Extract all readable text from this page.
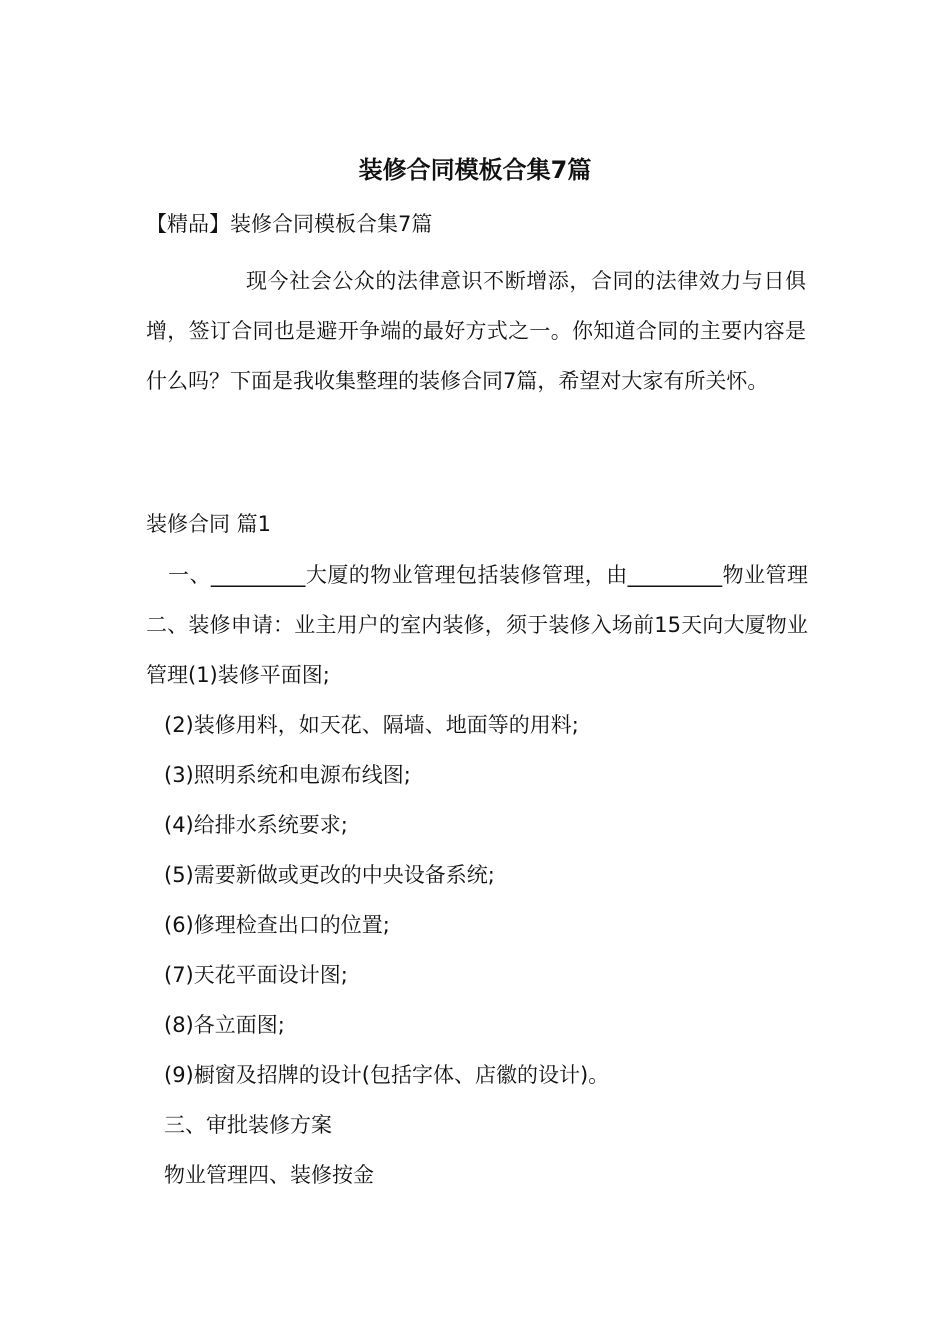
装修合同模板合集7篇
【精品】装修合同模板合集7篇
现今社会公众的法律意识不断增添，合同的法律效力与日俱增，签订合同也是避开争端的最好方式之一。你知道合同的主要内容是什么吗？下面是我收集整理的装修合同7篇，希望对大家有所关怀。
装修合同 篇1
一、_________大厦的物业管理包括装修管理，由_________物业管理二、装修申请：业主用户的室内装修，须于装修入场前15天向大厦物业管理(1)装修平面图;
(2)装修用料，如天花、隔墙、地面等的用料;
(3)照明系统和电源布线图;
(4)给排水系统要求;
(5)需要新做或更改的中央设备系统;
(6)修理检查出口的位置;
(7)天花平面设计图;
(8)各立面图;
(9)橱窗及招牌的设计(包括字体、店徽的设计)。
三、审批装修方案
物业管理四、装修按金
